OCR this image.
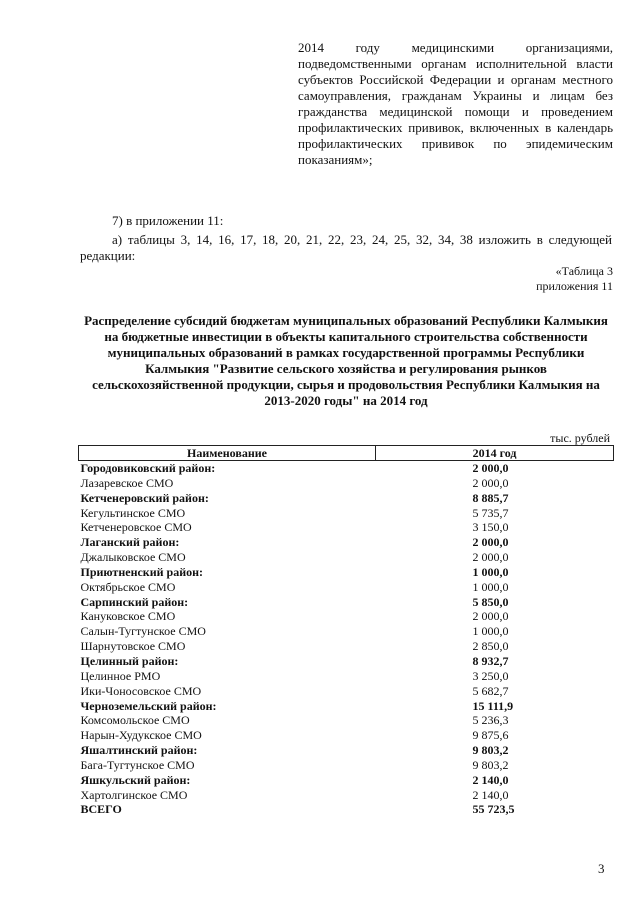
2014 году медицинскими организациями, подведомственными органам исполнительной власти субъектов Российской Федерации и органам местного самоуправления, гражданам Украины и лицам без гражданства медицинской помощи и проведением профилактических прививок, включенных в календарь профилактических прививок по эпидемическим показаниям»;
7) в приложении 11:
а) таблицы 3, 14, 16, 17, 18, 20, 21, 22, 23, 24, 25, 32, 34, 38 изложить в следующей редакции:
«Таблица 3
приложения 11
Распределение субсидий бюджетам муниципальных образований Республики Калмыкия на бюджетные инвестиции в объекты капитального строительства собственности муниципальных образований в рамках государственной программы Республики Калмыкия "Развитие сельского хозяйства и регулирования рынков сельскохозяйственной продукции, сырья и продовольствия Республики Калмыкия на 2013-2020 годы" на 2014 год
тыс. рублей
Наименование	2014 год
Городовиковский район:	2 000,0
Лазаревское СМО	2 000,0
Кетченеровский район:	8 885,7
Кегультинское СМО	5 735,7
Кетченеровское СМО	3 150,0
Лаганский район:	2 000,0
Джалыковское СМО	2 000,0
Приютненский район:	1 000,0
Октябрьское СМО	1 000,0
Сарпинский район:	5 850,0
Кануковское СМО	2 000,0
Салын-Тугтунское СМО	1 000,0
Шарнутовское СМО	2 850,0
Целинный район:	8 932,7
Целинное РМО	3 250,0
Ики-Чоносовское СМО	5 682,7
Черноземельский район:	15 111,9
Комсомольское СМО	5 236,3
Нарын-Худукское СМО	9 875,6
Яшалтинский район:	9 803,2
Бага-Тугтунское СМО	9 803,2
Яшкульский район:	2 140,0
Хартолгинское СМО	2 140,0
ВСЕГО	55 723,5
3
